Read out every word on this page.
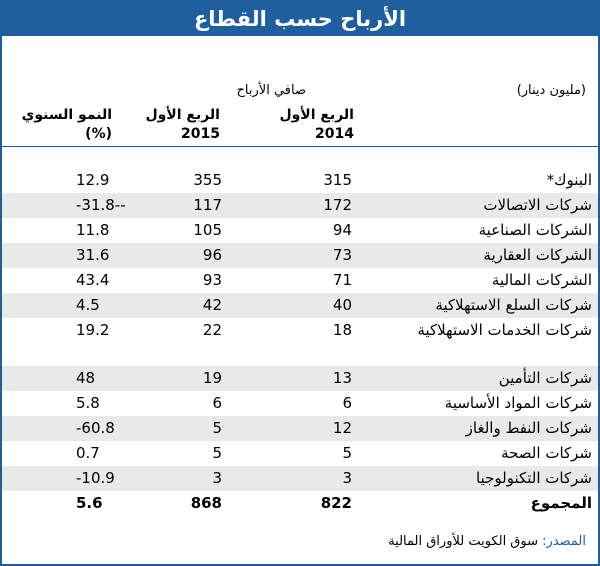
الأرباح حسب القطاع
(مليون دينار)
صافي الأرباح
الربع الأول
2014
الربع الأول
2015
النمو السنوي
(%)
البنوك*
315
355
12.9
شركات الاتصالات
172
117
-31.8--
الشركات الصناعية
94
105
11.8
الشركات العقارية
73
96
31.6
الشركات المالية
71
93
43.4
شركات السلع الاستهلاكية
40
42
4.5
شركات الخدمات الاستهلاكية
18
22
19.2
شركات التأمين
13
19
48
شركات المواد الأساسية
6
6
5.8
شركات النفط والغاز
12
5
-60.8
شركات الصحة
5
5
0.7
شركات التكنولوجيا
3
3
-10.9
المجموع
822
868
5.6
المصدر: سوق الكويت للأوراق المالية
